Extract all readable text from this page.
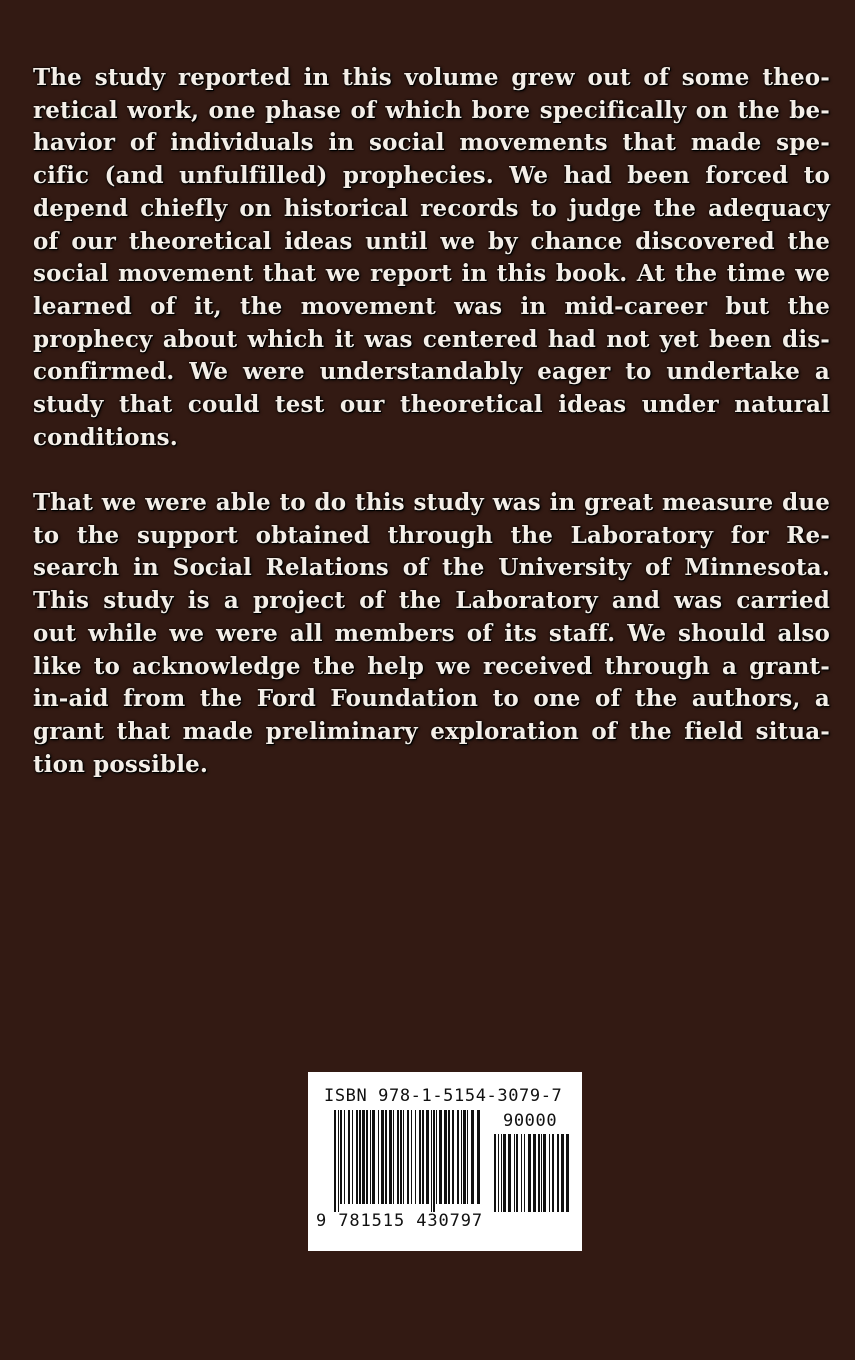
The study reported in this volume grew out of some theo-
retical work, one phase of which bore specifically on the be-
havior of individuals in social movements that made spe-
cific (and unfulfilled) prophecies. We had been forced to
depend chiefly on historical records to judge the adequacy
of our theoretical ideas until we by chance discovered the
social movement that we report in this book. At the time we
learned of it, the movement was in mid-career but the
prophecy about which it was centered had not yet been dis-
confirmed. We were understandably eager to undertake a
study that could test our theoretical ideas under natural
conditions.
That we were able to do this study was in great measure due
to the support obtained through the Laboratory for Re-
search in Social Relations of the University of Minnesota.
This study is a project of the Laboratory and was carried
out while we were all members of its staff. We should also
like to acknowledge the help we received through a grant-
in-aid from the Ford Foundation to one of the authors, a
grant that made preliminary exploration of the field situa-
tion possible.
ISBN 978-1-5154-3079-7
90000
9 781515 430797
